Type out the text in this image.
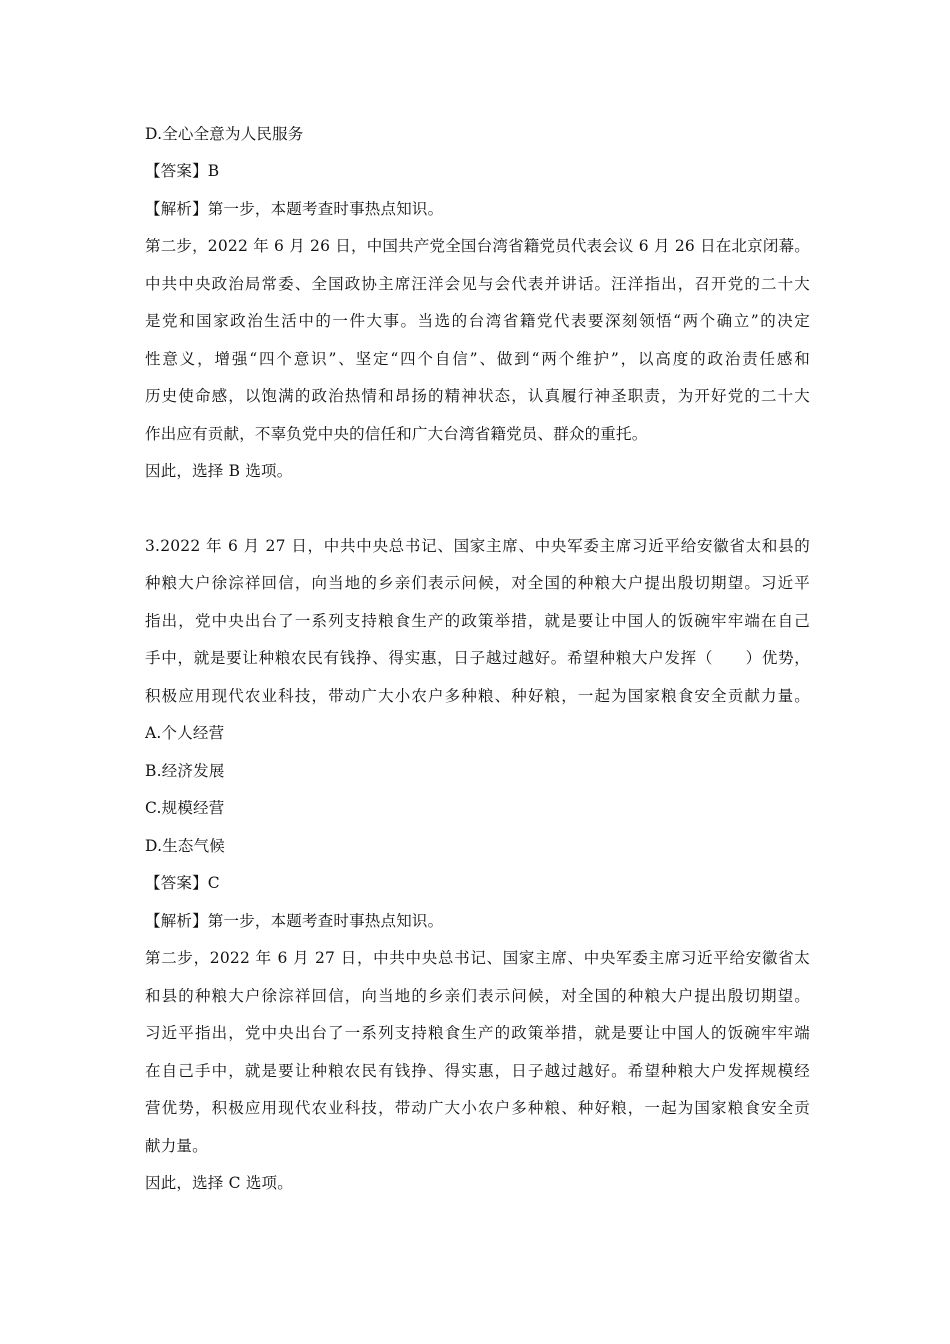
D.全心全意为人民服务
【答案】B
【解析】第一步，本题考查时事热点知识。
第二步，2022 年 6 月 26 日，中国共产党全国台湾省籍党员代表会议 6 月 26 日在北京闭幕。
中共中央政治局常委、全国政协主席汪洋会见与会代表并讲话。汪洋指出，召开党的二十大
是党和国家政治生活中的一件大事。当选的台湾省籍党代表要深刻领悟“两个确立”的决定
性意义，增强“四个意识”、坚定“四个自信”、做到“两个维护”，以高度的政治责任感和
历史使命感，以饱满的政治热情和昂扬的精神状态，认真履行神圣职责，为开好党的二十大
作出应有贡献，不辜负党中央的信任和广大台湾省籍党员、群众的重托。
因此，选择 B 选项。
3.2022 年 6 月 27 日，中共中央总书记、国家主席、中央军委主席习近平给安徽省太和县的
种粮大户徐淙祥回信，向当地的乡亲们表示问候，对全国的种粮大户提出殷切期望。习近平
指出，党中央出台了一系列支持粮食生产的政策举措，就是要让中国人的饭碗牢牢端在自己
手中，就是要让种粮农民有钱挣、得实惠，日子越过越好。希望种粮大户发挥（　　）优势，
积极应用现代农业科技，带动广大小农户多种粮、种好粮，一起为国家粮食安全贡献力量。
A.个人经营
B.经济发展
C.规模经营
D.生态气候
【答案】C
【解析】第一步，本题考查时事热点知识。
第二步，2022 年 6 月 27 日，中共中央总书记、国家主席、中央军委主席习近平给安徽省太
和县的种粮大户徐淙祥回信，向当地的乡亲们表示问候，对全国的种粮大户提出殷切期望。
习近平指出，党中央出台了一系列支持粮食生产的政策举措，就是要让中国人的饭碗牢牢端
在自己手中，就是要让种粮农民有钱挣、得实惠，日子越过越好。希望种粮大户发挥规模经
营优势，积极应用现代农业科技，带动广大小农户多种粮、种好粮，一起为国家粮食安全贡
献力量。
因此，选择 C 选项。
